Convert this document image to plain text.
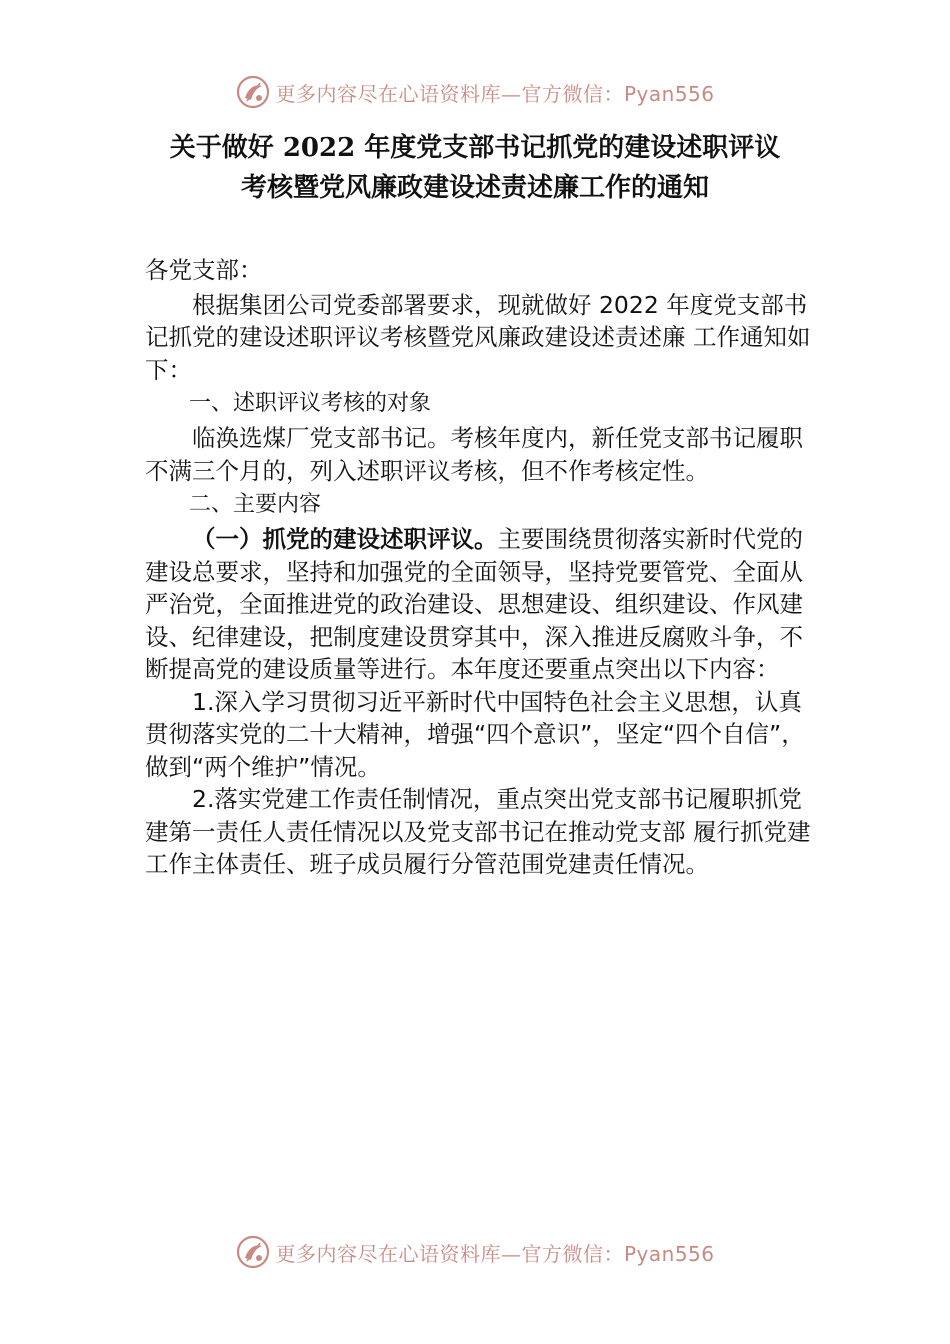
更多内容尽在心语资料库—官方微信：Pyan556
关于做好 2022 年度党支部书记抓党的建设述职评议
考核暨党风廉政建设述责述廉工作的通知

各党支部：

根据集团公司党委部署要求，现就做好 2022 年度党支部书记抓党的建设述职评议考核暨党风廉政建设述责述廉 工作通知如下：

一、述职评议考核的对象

临涣选煤厂党支部书记。考核年度内，新任党支部书记履职不满三个月的，列入述职评议考核，但不作考核定性。

二、主要内容

（一）抓党的建设述职评议。主要围绕贯彻落实新时代党的建设总要求，坚持和加强党的全面领导，坚持党要管党、全面从严治党，全面推进党的政治建设、思想建设、组织建设、作风建设、纪律建设，把制度建设贯穿其中，深入推进反腐败斗争，不断提高党的建设质量等进行。本年度还要重点突出以下内容：

1.深入学习贯彻习近平新时代中国特色社会主义思想，认真贯彻落实党的二十大精神，增强“四个意识”，坚定“四个自信”，做到“两个维护”情况。

2.落实党建工作责任制情况，重点突出党支部书记履职抓党建第一责任人责任情况以及党支部书记在推动党支部 履行抓党建工作主体责任、班子成员履行分管范围党建责任情况。

更多内容尽在心语资料库—官方微信：Pyan556
